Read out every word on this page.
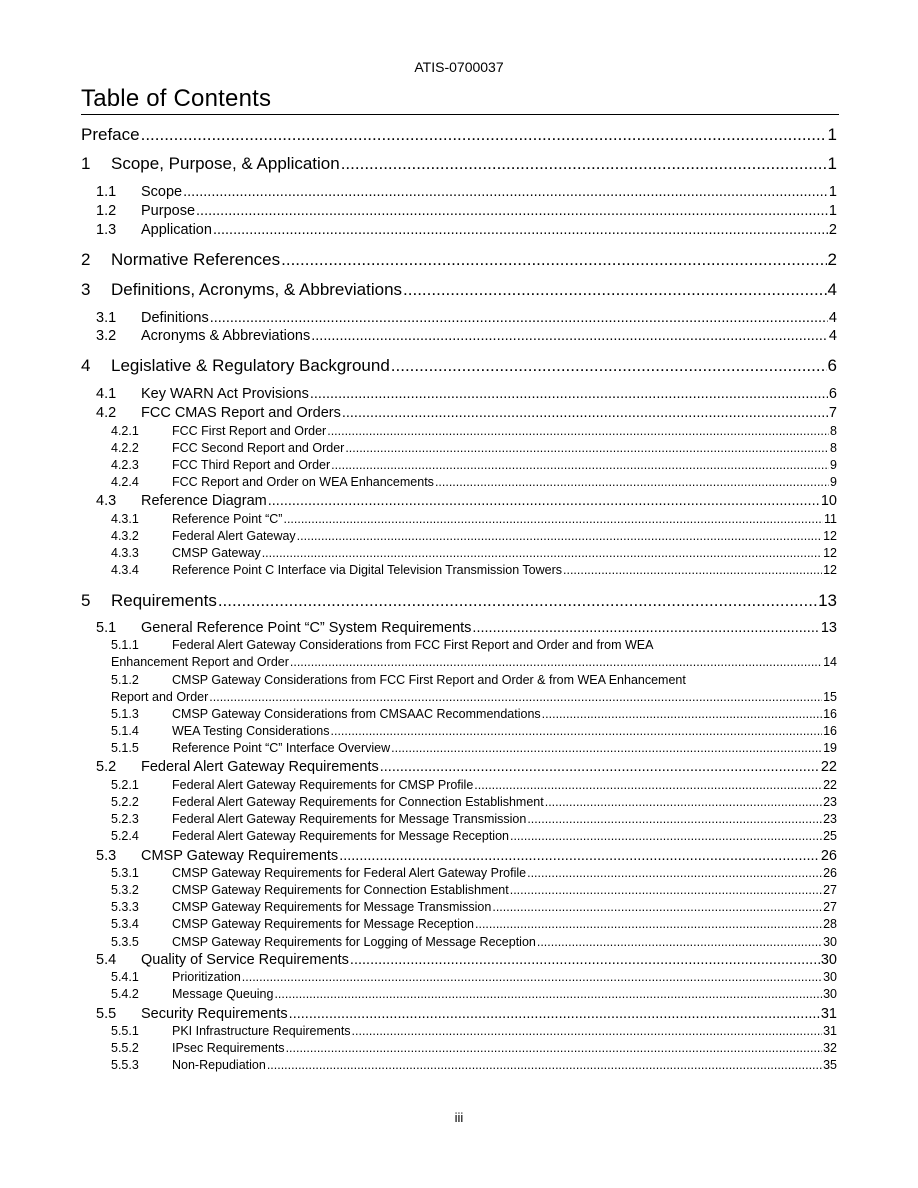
ATIS-0700037
Table of Contents
Preface .....	1
1	Scope, Purpose, & Application .....	1
1.1	Scope .....	1
1.2	Purpose .....	1
1.3	Application .....	2
2	Normative References .....	2
3	Definitions, Acronyms, & Abbreviations .....	4
3.1	Definitions .....	4
3.2	Acronyms & Abbreviations .....	4
4	Legislative & Regulatory Background .....	6
4.1	Key WARN Act Provisions .....	6
4.2	FCC CMAS Report and Orders .....	7
4.2.1	FCC First Report and Order .....	8
4.2.2	FCC Second Report and Order .....	8
4.2.3	FCC Third Report and Order .....	9
4.2.4	FCC Report and Order on WEA Enhancements .....	9
4.3	Reference Diagram .....	10
4.3.1	Reference Point “C” .....	11
4.3.2	Federal Alert Gateway .....	12
4.3.3	CMSP Gateway .....	12
4.3.4	Reference Point C Interface via Digital Television Transmission Towers .....	12
5	Requirements .....	13
5.1	General Reference Point “C” System Requirements .....	13
5.1.1	Federal Alert Gateway Considerations from FCC First Report and Order and from WEA
Enhancement Report and Order .....	14
5.1.2	CMSP Gateway Considerations from FCC First Report and Order & from WEA Enhancement
Report and Order .....	15
5.1.3	CMSP Gateway Considerations from CMSAAC Recommendations .....	16
5.1.4	WEA Testing Considerations .....	16
5.1.5	Reference Point “C” Interface Overview .....	19
5.2	Federal Alert Gateway Requirements .....	22
5.2.1	Federal Alert Gateway Requirements for CMSP Profile .....	22
5.2.2	Federal Alert Gateway Requirements for Connection Establishment .....	23
5.2.3	Federal Alert Gateway Requirements for Message Transmission .....	23
5.2.4	Federal Alert Gateway Requirements for Message Reception .....	25
5.3	CMSP Gateway Requirements .....	26
5.3.1	CMSP Gateway Requirements for Federal Alert Gateway Profile .....	26
5.3.2	CMSP Gateway Requirements for Connection Establishment .....	27
5.3.3	CMSP Gateway Requirements for Message Transmission .....	27
5.3.4	CMSP Gateway Requirements for Message Reception .....	28
5.3.5	CMSP Gateway Requirements for Logging of Message Reception .....	30
5.4	Quality of Service Requirements .....	30
5.4.1	Prioritization .....	30
5.4.2	Message Queuing .....	30
5.5	Security Requirements .....	31
5.5.1	PKI Infrastructure Requirements .....	31
5.5.2	IPsec Requirements .....	32
5.5.3	Non-Repudiation .....	35
iii
